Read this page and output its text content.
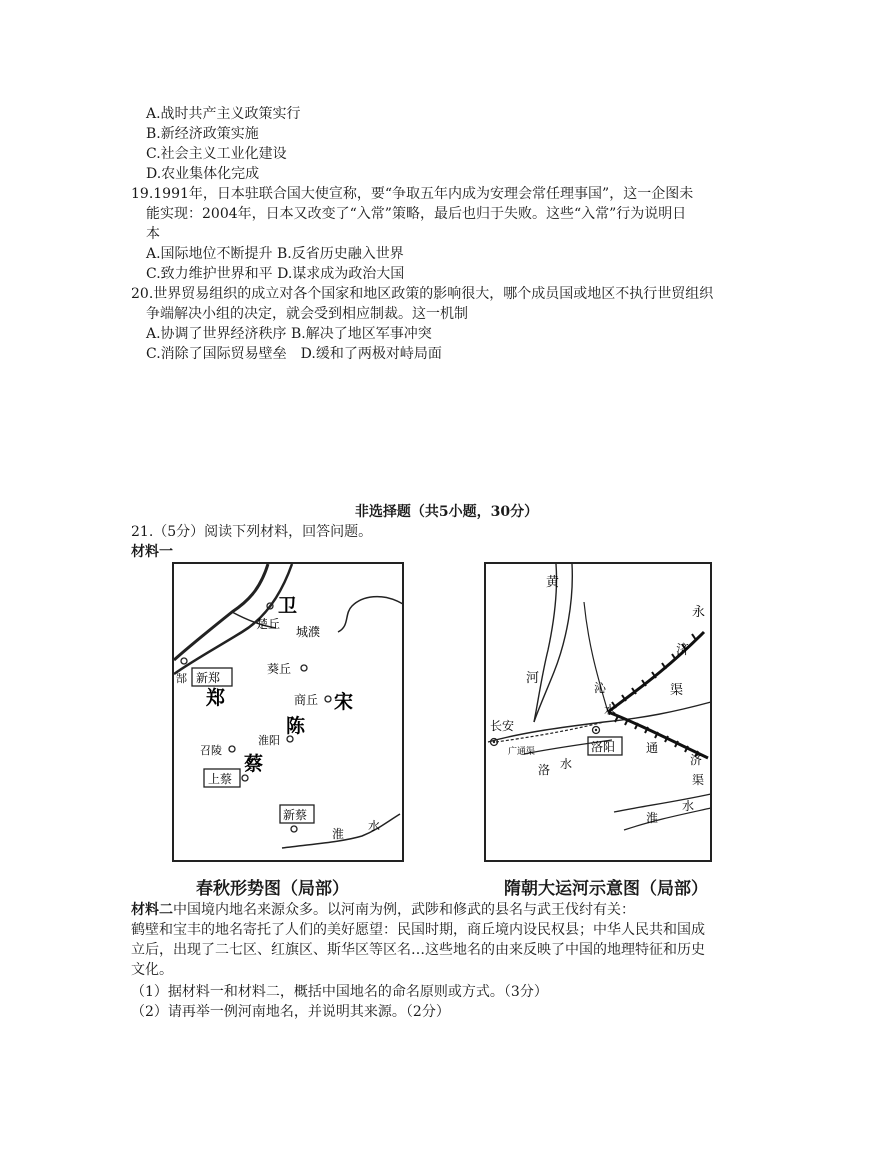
A.战时共产主义政策实行
B.新经济政策实施
C.社会主义工业化建设
D.农业集体化完成
19.1991年，日本驻联合国大使宣称，要“争取五年内成为安理会常任理事国”，这一企图未
能实现：2004年，日本又改变了“入常”策略，最后也归于失败。这些“入常”行为说明日
本
A.国际地位不断提升 B.反省历史融入世界
C.致力维护世界和平 D.谋求成为政治大国
20.世界贸易组织的成立对各个国家和地区政策的影响很大，哪个成员国或地区不执行世贸组织
争端解决小组的决定，就会受到相应制裁。这一机制
A.协调了世界经济秩序 B.解决了地区军事冲突
C.消除了国际贸易壁垒　D.缓和了两极对峙局面
非选择题（共5小题，30分）
21.（5分）阅读下列材料，回答问题。
材料一
卫
楚丘
城濮
葵丘
新郑
郜
郑	商丘 宋
陈
召陵
淮阳
蔡
上蔡
新蔡
淮
水
春秋形势图（局部）
黄
河
沁
水
永
济
渠
长安
广通渠	洛阳
洛 水
通
济
渠
淮
水
隋朝大运河示意图（局部）
材料二中国境内地名来源众多。以河南为例，武陟和修武的县名与武王伐纣有关：
鹤壁和宝丰的地名寄托了人们的美好愿望：民国时期，商丘境内设民权县；中华人民共和国成
立后，出现了二七区、红旗区、斯华区等区名…这些地名的由来反映了中国的地理特征和历史
文化。
（1）据材料一和材料二，概括中国地名的命名原则或方式。（3分）
（2）请再举一例河南地名，并说明其来源。（2分）
